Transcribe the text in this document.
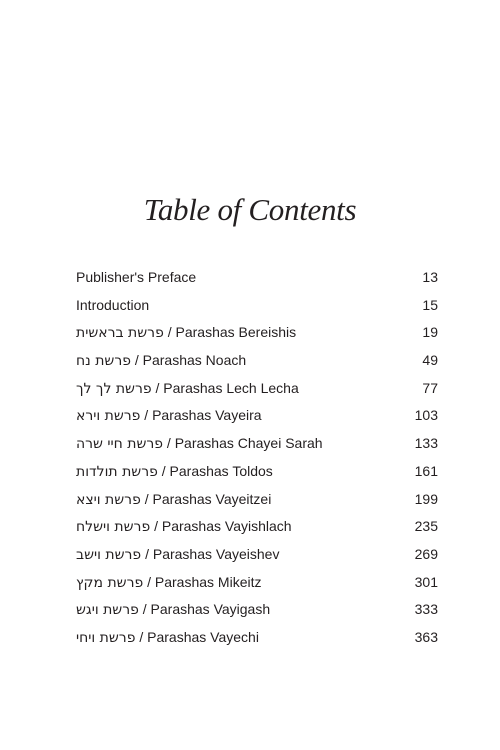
Table of Contents
Publisher's Preface	13
Introduction	15
פרשת בראשית / Parashas Bereishis	19
פרשת נח / Parashas Noach	49
פרשת לך לך / Parashas Lech Lecha	77
פרשת וירא / Parashas Vayeira	103
פרשת חיי שרה / Parashas Chayei Sarah	133
פרשת תולדות / Parashas Toldos	161
פרשת ויצא / Parashas Vayeitzei	199
פרשת וישלח / Parashas Vayishlach	235
פרשת וישב / Parashas Vayeishev	269
פרשת מקץ / Parashas Mikeitz	301
פרשת ויגש / Parashas Vayigash	333
פרשת ויחי / Parashas Vayechi	363
